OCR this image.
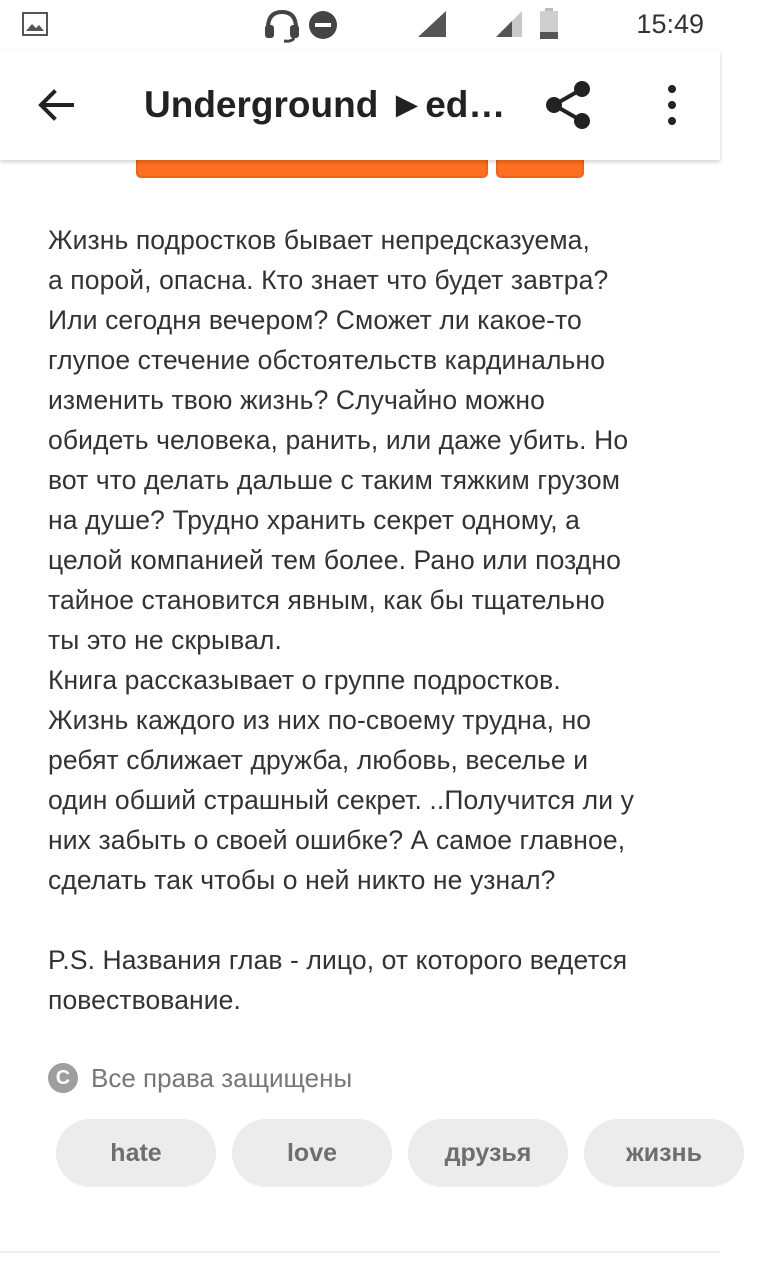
15:49
Underground ►ed…
Жизнь подростков бывает непредсказуема,
а порой, опасна. Кто знает что будет завтра?
Или сегодня вечером? Сможет ли какое-то
глупое стечение обстоятельств кардинально
изменить твою жизнь? Случайно можно
обидеть человека, ранить, или даже убить. Но
вот что делать дальше с таким тяжким грузом
на душе? Трудно хранить секрет одному, а
целой компанией тем более. Рано или поздно
тайное становится явным, как бы тщательно
ты это не скрывал.
Книга рассказывает о группе подростков.
Жизнь каждого из них по-своему трудна, но
ребят сближает дружба, любовь, веселье и
один обший страшный секрет. ..Получится ли у
них забыть о своей ошибке? А самое главное,
сделать так чтобы о ней никто не узнал?

P.S. Названия глав - лицо, от которого ведется
повествование.
C Все права защищены
hate	love	друзья	жизнь
